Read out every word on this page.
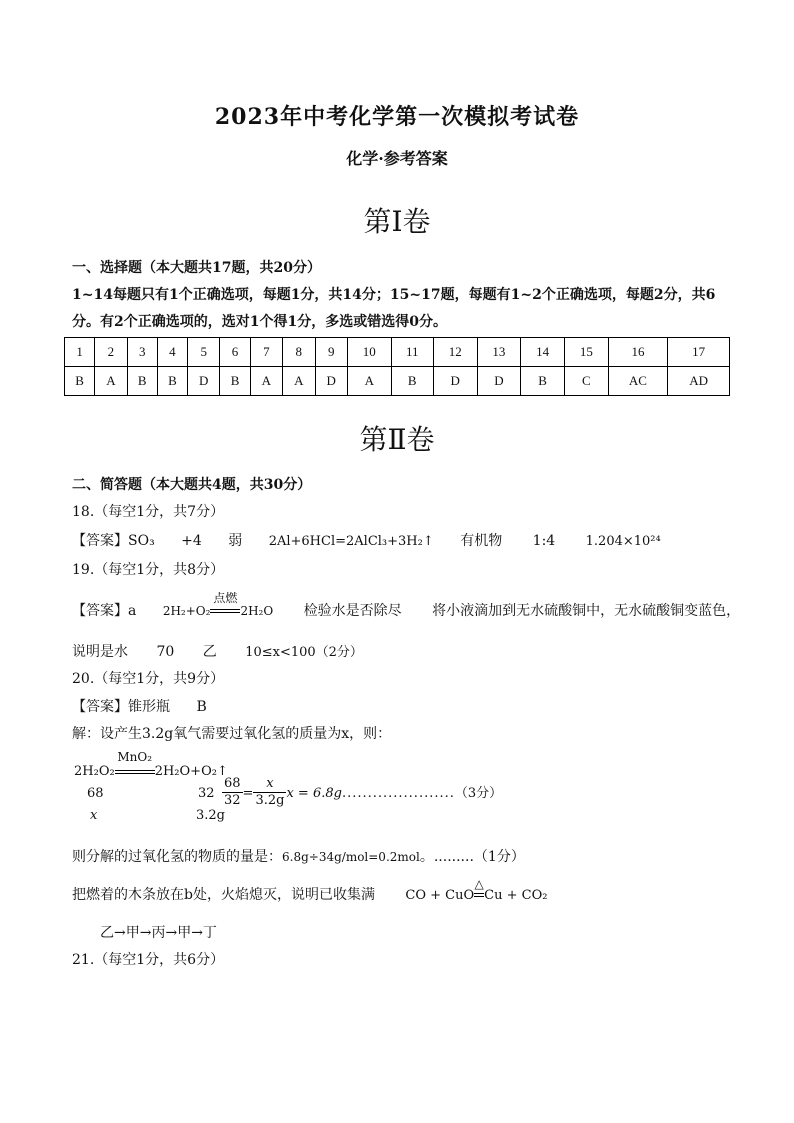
2023年中考化学第一次模拟考试卷
化学·参考答案
第Ⅰ卷
一、选择题（本大题共17题，共20分）
1~14每题只有1个正确选项，每题1分，共14分；15~17题，每题有1~2个正确选项，每题2分，共6
分。有2个正确选项的，选对1个得1分，多选或错选得0分。
1	2	3	4	5	6	7	8	9	10	11	12	13	14	15	16	17
B	A	B	B	D	B	A	A	D	A	B	D	D	B	C	AC	AD
第Ⅱ卷
二、简答题（本大题共4题，共30分）
18.（每空1分，共7分）
【答案】SO₃ +4 弱 2Al+6HCl=2AlCl₃+3H₂↑ 有机物 1:4 1.204×10²⁴
19.（每空1分，共8分）
【答案】a 2H₂+O₂
点燃
2H₂O 检验水是否除尽 将小液滴加到无水硫酸铜中，无水硫酸铜变蓝色，
说明是水 70 乙 10≤x<100（2分）
20.（每空1分，共9分）
【答案】锥形瓶 B
解：设产生3.2g氧气需要过氧化氢的质量为x，则：
2H₂O₂
MnO₂
2H₂O+O₂↑
68	32
x	3.2g
$\frac{68}{32} = \frac{x}{3.2g}$ x = 6.8g......................（3分）
则分解的过氧化氢的物质的量是：6.8g÷34g/mol=0.2mol。.........（1分）
把燃着的木条放在b处，火焰熄灭，说明已收集满 CO + CuO
△
Cu + CO₂
乙→甲→丙→甲→丁
21.（每空1分，共6分）
